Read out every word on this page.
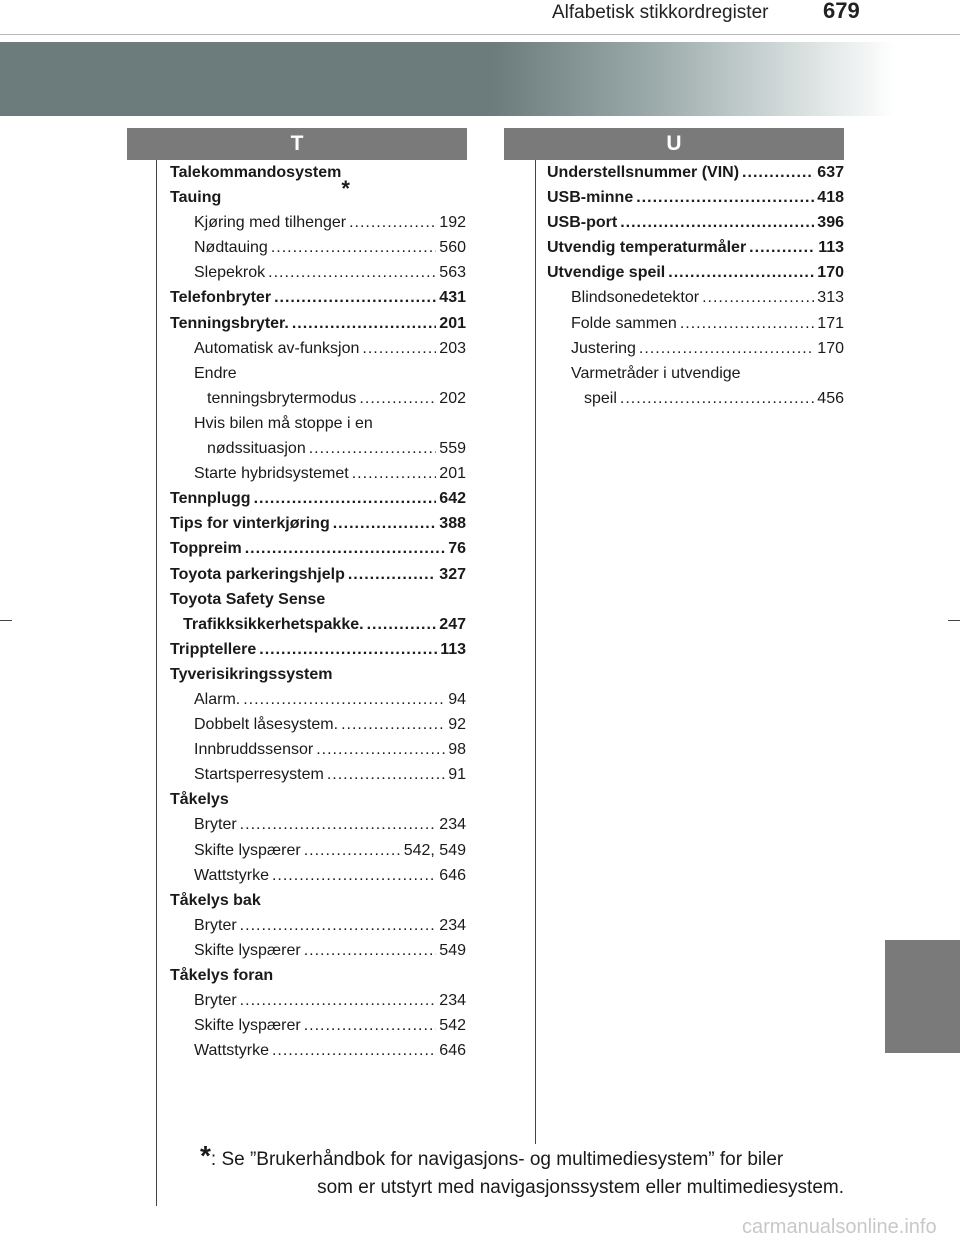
Alfabetisk stikkordregister 679
T	U
Talekommandosystem
*
Tauing
Kjøring med tilhenger .....	192
Nødtauing .....	560
Slepekrok .....	563
Telefonbryter .....	431
Tenningsbryter. .....	201
Automatisk av-funksjon .....	203
Endre
tenningsbrytermodus .....	202
Hvis bilen må stoppe i en
nødssituasjon .....	559
Starte hybridsystemet .....	201
Tennplugg .....	642
Tips for vinterkjøring .....	388
Toppreim .....	76
Toyota parkeringshjelp .....	327
Toyota Safety Sense
Trafikksikkerhetspakke. .....	247
Tripptellere .....	113
Tyverisikringssystem
Alarm. .....	94
Dobbelt låsesystem. .....	92
Innbruddssensor .....	98
Startsperresystem .....	91
Tåkelys
Bryter .....	234
Skifte lyspærer .....	542, 549
Wattstyrke .....	646
Tåkelys bak
Bryter .....	234
Skifte lyspærer .....	549
Tåkelys foran
Bryter .....	234
Skifte lyspærer .....	542
Wattstyrke .....	646
Understellsnummer (VIN) .....	637
USB-minne .....	418
USB-port .....	396
Utvendig temperaturmåler .....	113
Utvendige speil .....	170
Blindsonedetektor .....	313
Folde sammen .....	171
Justering .....	170
Varmetråder i utvendige
speil .....	456
*: Se ”Brukerhåndbok for navigasjons- og multimediesystem” for biler
som er utstyrt med navigasjonssystem eller multimediesystem.
carmanualsonline.info
